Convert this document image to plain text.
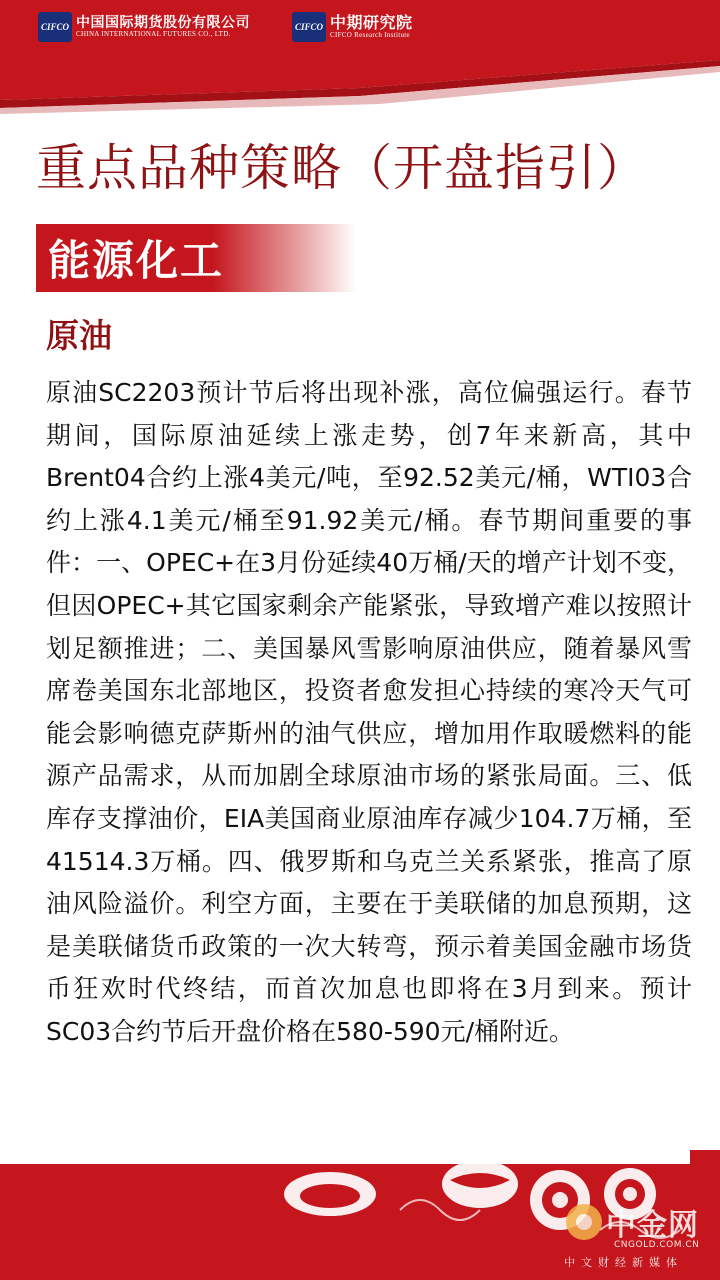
CIFCO 中国国际期货股份有限公司
CHINA INTERNATIONAL FUTURES CO., LTD.
CIFCO 中期研究院
CIFCO Research Institute
重点品种策略（开盘指引）
能源化工
原油
原油SC2203预计节后将出现补涨，高位偏强运行。春节期间，国际原油延续上涨走势，创7年来新高，其中Brent04合约上涨4美元/吨，至92.52美元/桶，WTI03合约上涨4.1美元/桶至91.92美元/桶。春节期间重要的事件：一、OPEC+在3月份延续40万桶/天的增产计划不变，但因OPEC+其它国家剩余产能紧张，导致增产难以按照计划足额推进；二、美国暴风雪影响原油供应，随着暴风雪席卷美国东北部地区，投资者愈发担心持续的寒冷天气可能会影响德克萨斯州的油气供应，增加用作取暖燃料的能源产品需求，从而加剧全球原油市场的紧张局面。三、低库存支撑油价，EIA美国商业原油库存减少104.7万桶，至41514.3万桶。四、俄罗斯和乌克兰关系紧张，推高了原油风险溢价。利空方面，主要在于美联储的加息预期，这是美联储货币政策的一次大转弯，预示着美国金融市场货币狂欢时代终结，而首次加息也即将在3月到来。预计SC03合约节后开盘价格在580-590元/桶附近。
中金网
CNGOLD.COM.CN
中文财经新媒体
